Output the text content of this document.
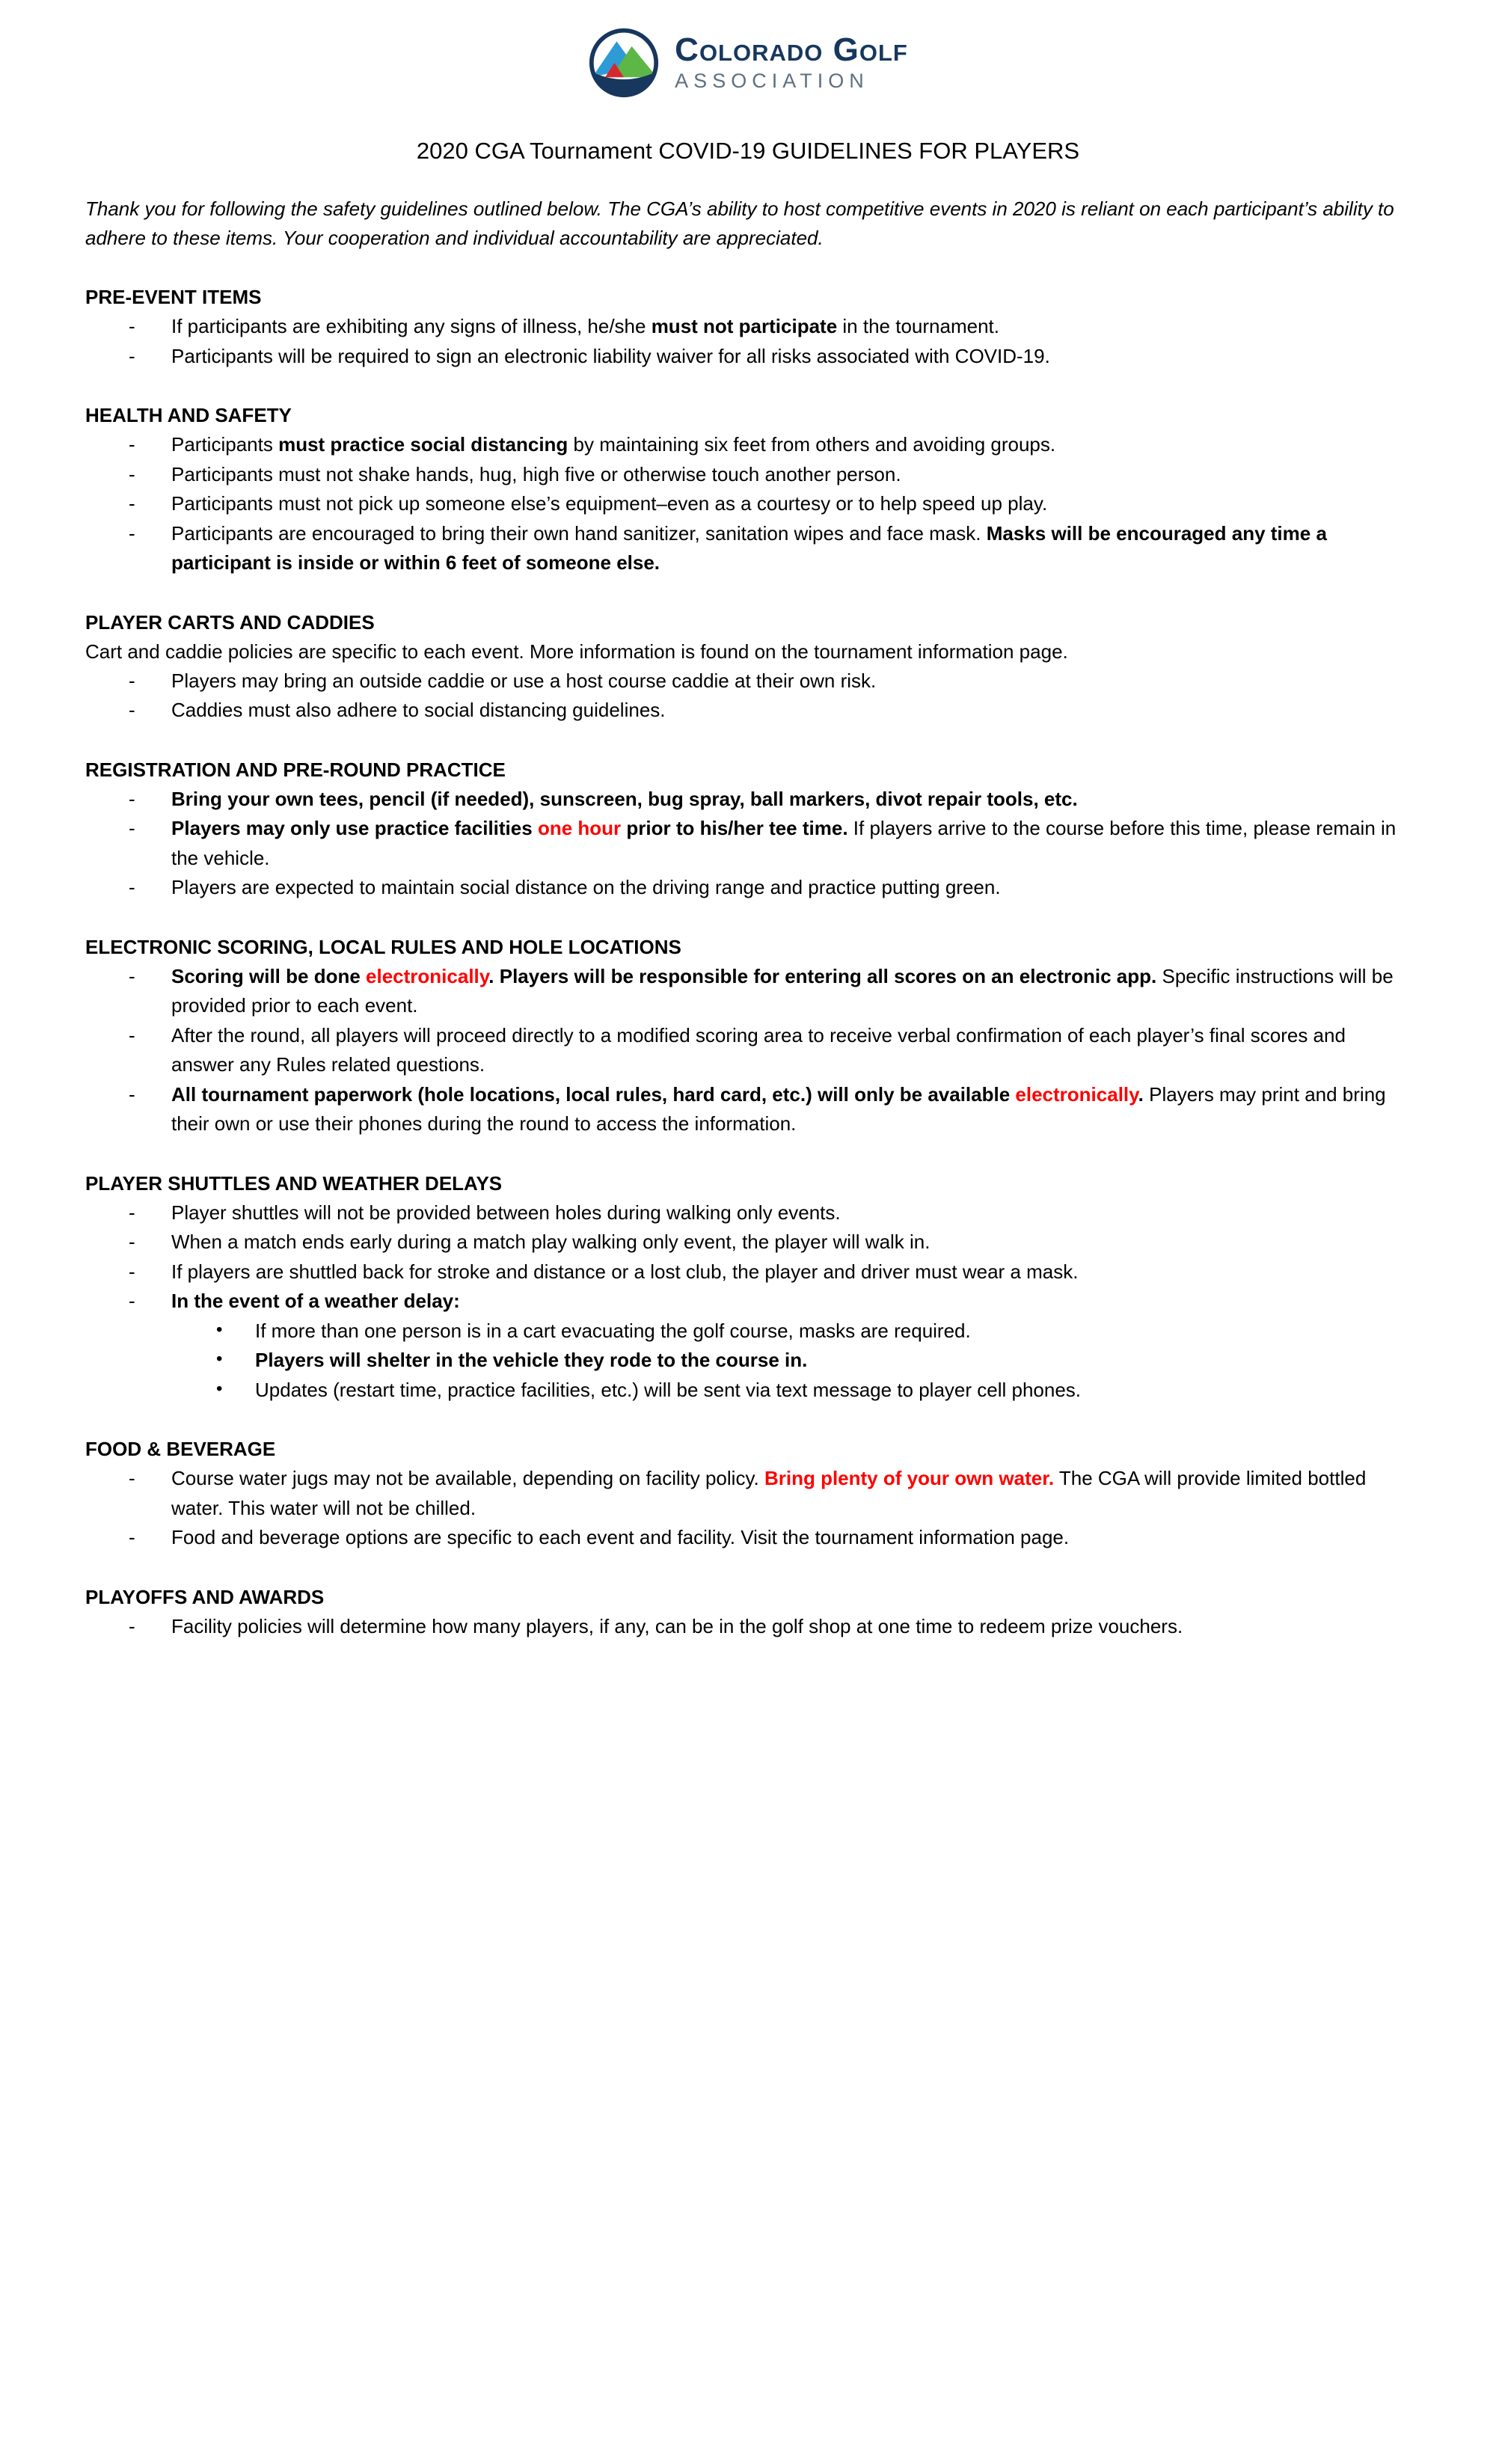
Colorado Golf
ASSOCIATION
2020 CGA Tournament COVID-19 GUIDELINES FOR PLAYERS

Thank you for following the safety guidelines outlined below. The CGA’s ability to host competitive events in 2020 is reliant on each participant’s ability to adhere to these items. Your cooperation and individual accountability are appreciated.

PRE-EVENT ITEMS
-	If participants are exhibiting any signs of illness, he/she must not participate in the tournament.
-	Participants will be required to sign an electronic liability waiver for all risks associated with COVID-19.
HEALTH AND SAFETY
-	Participants must practice social distancing by maintaining six feet from others and avoiding groups.
-	Participants must not shake hands, hug, high five or otherwise touch another person.
-	Participants must not pick up someone else’s equipment–even as a courtesy or to help speed up play.
-	Participants are encouraged to bring their own hand sanitizer, sanitation wipes and face mask. Masks will be encouraged any time a participant is inside or within 6 feet of someone else.
PLAYER CARTS AND CADDIES
Cart and caddie policies are specific to each event. More information is found on the tournament information page.
-	Players may bring an outside caddie or use a host course caddie at their own risk.
-	Caddies must also adhere to social distancing guidelines.
REGISTRATION AND PRE-ROUND PRACTICE
-	Bring your own tees, pencil (if needed), sunscreen, bug spray, ball markers, divot repair tools, etc.
-	Players may only use practice facilities one hour prior to his/her tee time. If players arrive to the course before this time, please remain in the vehicle.
-	Players are expected to maintain social distance on the driving range and practice putting green.
ELECTRONIC SCORING, LOCAL RULES AND HOLE LOCATIONS
-	Scoring will be done electronically. Players will be responsible for entering all scores on an electronic app. Specific instructions will be provided prior to each event.
-	After the round, all players will proceed directly to a modified scoring area to receive verbal confirmation of each player’s final scores and answer any Rules related questions.
-	All tournament paperwork (hole locations, local rules, hard card, etc.) will only be available electronically. Players may print and bring their own or use their phones during the round to access the information.
PLAYER SHUTTLES AND WEATHER DELAYS
-	Player shuttles will not be provided between holes during walking only events.
-	When a match ends early during a match play walking only event, the player will walk in.
-	If players are shuttled back for stroke and distance or a lost club, the player and driver must wear a mask.
-	In the event of a weather delay:
•	If more than one person is in a cart evacuating the golf course, masks are required.
•	Players will shelter in the vehicle they rode to the course in.
•	Updates (restart time, practice facilities, etc.) will be sent via text message to player cell phones.
FOOD & BEVERAGE
-	Course water jugs may not be available, depending on facility policy. Bring plenty of your own water. The CGA will provide limited bottled water. This water will not be chilled.
-	Food and beverage options are specific to each event and facility. Visit the tournament information page.
PLAYOFFS AND AWARDS
-	Facility policies will determine how many players, if any, can be in the golf shop at one time to redeem prize vouchers.
